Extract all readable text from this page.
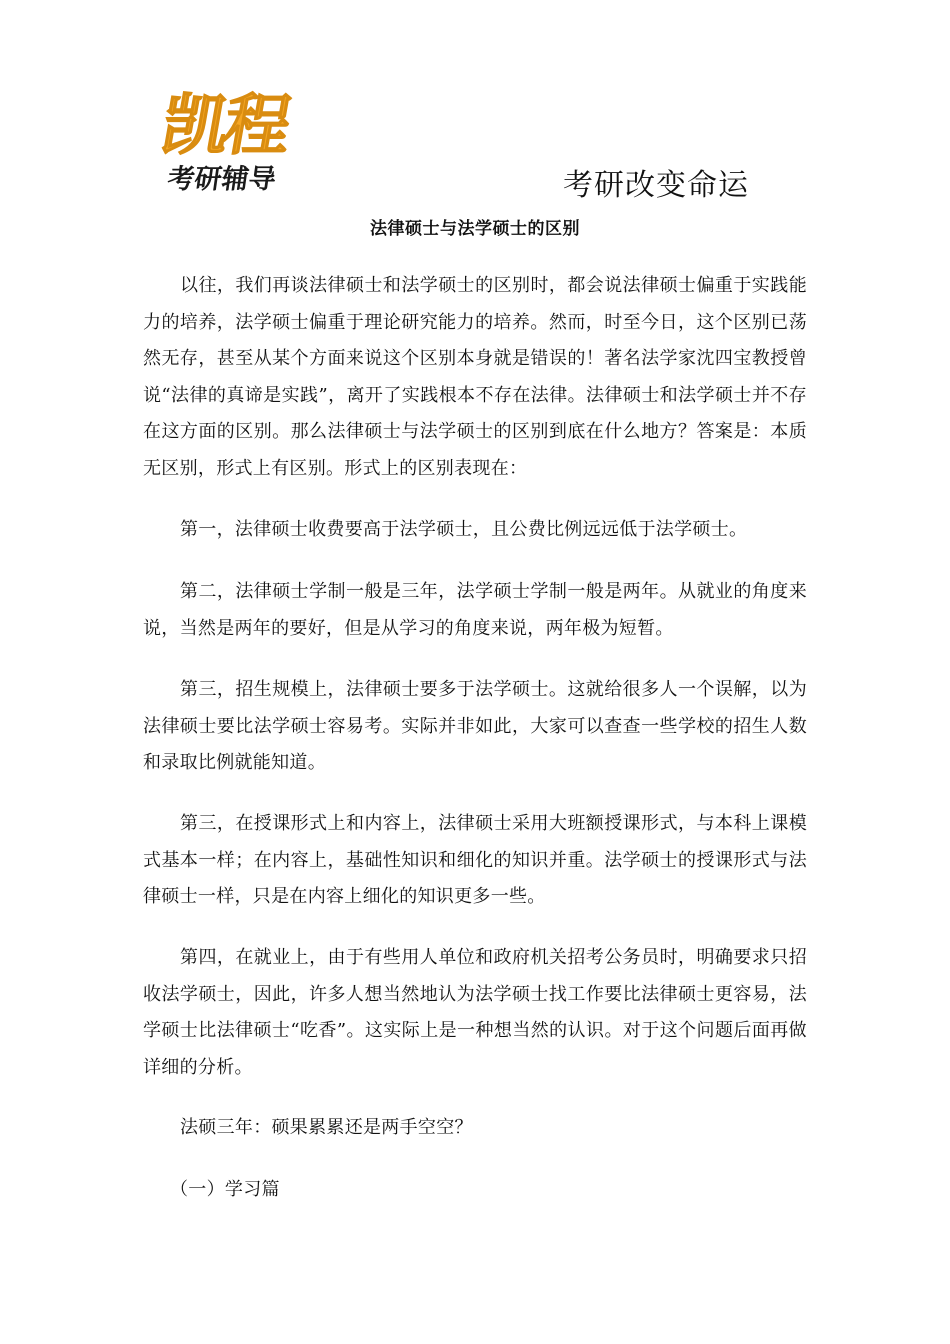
凯程
考研辅导	考研改变命运
法律硕士与法学硕士的区别

以往，我们再谈法律硕士和法学硕士的区别时，都会说法律硕士偏重于实践能力的培养，法学硕士偏重于理论研究能力的培养。然而，时至今日，这个区别已荡然无存，甚至从某个方面来说这个区别本身就是错误的！著名法学家沈四宝教授曾说“法律的真谛是实践”，离开了实践根本不存在法律。法律硕士和法学硕士并不存在这方面的区别。那么法律硕士与法学硕士的区别到底在什么地方？答案是：本质无区别，形式上有区别。形式上的区别表现在：

第一，法律硕士收费要高于法学硕士，且公费比例远远低于法学硕士。

第二，法律硕士学制一般是三年，法学硕士学制一般是两年。从就业的角度来说，当然是两年的要好，但是从学习的角度来说，两年极为短暂。

第三，招生规模上，法律硕士要多于法学硕士。这就给很多人一个误解，以为法律硕士要比法学硕士容易考。实际并非如此，大家可以查查一些学校的招生人数和录取比例就能知道。

第三，在授课形式上和内容上，法律硕士采用大班额授课形式，与本科上课模式基本一样；在内容上，基础性知识和细化的知识并重。法学硕士的授课形式与法律硕士一样，只是在内容上细化的知识更多一些。

第四，在就业上，由于有些用人单位和政府机关招考公务员时，明确要求只招收法学硕士，因此，许多人想当然地认为法学硕士找工作要比法律硕士更容易，法学硕士比法律硕士“吃香”。这实际上是一种想当然的认识。对于这个问题后面再做详细的分析。

法硕三年：硕果累累还是两手空空？

（一）学习篇
